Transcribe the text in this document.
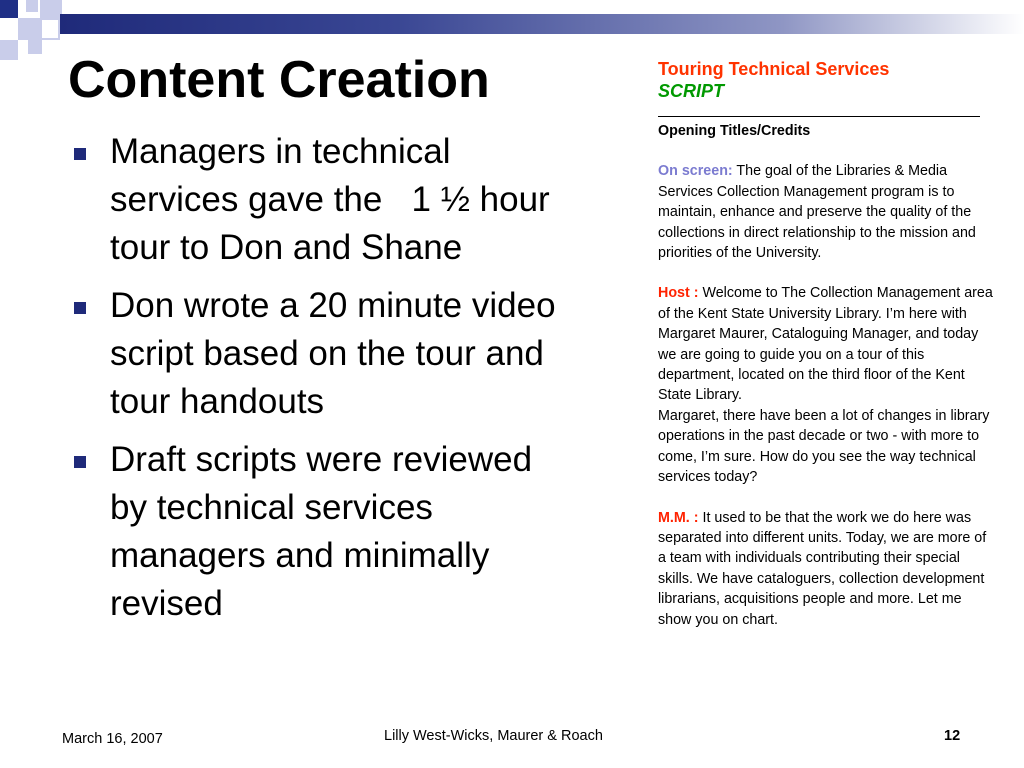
Content Creation
Managers in technical services gave the   1 ½ hour tour to Don and Shane
Don wrote a 20 minute video script based on the tour and tour handouts
Draft scripts were reviewed by technical services managers and minimally revised
Touring Technical Services
SCRIPT
Opening Titles/Credits
On screen: The goal of the Libraries & Media Services Collection Management program is to maintain, enhance and preserve the quality of the collections in direct relationship to the mission and priorities of the University.
Host : Welcome to The Collection Management area of the Kent State University Library. I’m here with Margaret Maurer, Cataloguing Manager, and today we are going to guide you on a tour of this department, located on the third floor of the Kent State Library.
Margaret, there have been a lot of changes in library operations in the past decade or two - with more to come, I’m sure. How do you see the way technical services today?
M.M. : It used to be that the work we do here was separated into different units. Today, we are more of a team with individuals contributing their special skills. We have cataloguers, collection development librarians, acquisitions people and more. Let me show you on chart.
March 16, 2007	Lilly West-Wicks, Maurer & Roach	12
